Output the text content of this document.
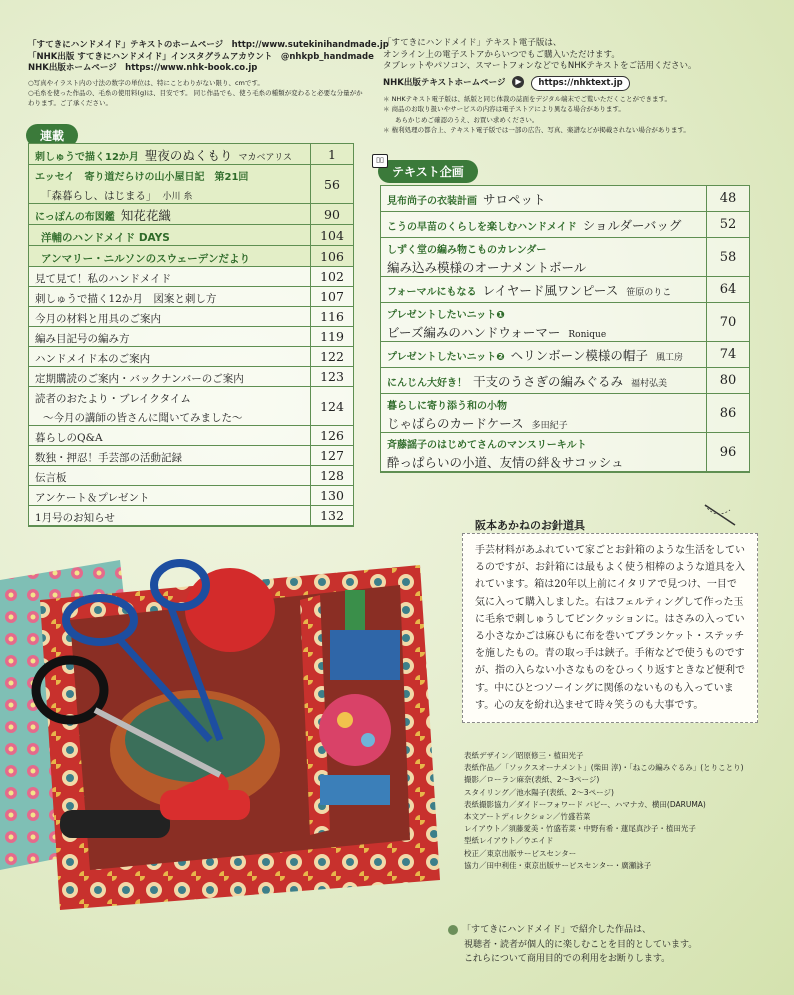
「すてきにハンドメイド」テキストのホームページ　http://www.sutekinihandmade.jp
「NHK出版 すてきにハンドメイド」インスタグラムアカウント　@nhkpb_handmade
NHK出版ホームページ　https://www.nhk-book.co.jp
○写真やイラスト内の寸法の数字の単位は、特にことわりがない限り、cmです。
○毛糸を使った作品の、毛糸の使用料(g)は、目安です。 同じ作品でも、使う毛糸の種類が変わると必要な分量がかわります。ご了承ください。
「すてきにハンドメイド」テキスト電子版は、
オンライン上の電子ストアからいつでもご購入いただけます。
タブレットやパソコン、スマートフォンなどでもNHKテキストをご活用ください。
NHK出版テキストホームページ ▶ https://nhktext.jp
＊ NHKテキスト電子版は、紙版と同じ体裁の誌面をデジタル端末でご覧いただくことができます。
＊ 商品のお取り扱いやサービスの内容は電子ストアにより異なる場合があります。
あらかじめご確認のうえ、お買い求めください。
＊ 権利処理の都合上、テキスト電子版では一部の広告、写真、楽譜などが掲載されない場合があります。
連載
刺しゅうで描く12か月 聖夜のぬくもり マカベアリス	1
エッセイ　寄り道だらけの山小屋日記　第21回
「森暮らし、はじまる」 小川 糸	56
にっぽんの布図鑑 知花花織	90
洋輔のハンドメイド DAYS	104
アンマリー・ニルソンのスウェーデンだより	106
見て見て！私のハンドメイド	102
刺しゅうで描く12か月　図案と刺し方	107
今月の材料と用具のご案内	116
編み目記号の編み方	119
ハンドメイド本のご案内	122
定期購読のご案内・バックナンバーのご案内	123
読者のおたより・ブレイクタイム
〜今月の講師の皆さんに聞いてみました〜	124
暮らしのQ&A	126
数独・押忍！手芸部の活動記録	127
伝言板	128
アンケート＆プレゼント	130
1月号のお知らせ	132
▯▯
テキスト企画
見布尚子の衣装計画 サロペット	48
こうの早苗のくらしを楽しむハンドメイド ショルダーバッグ	52
しずく堂の編み物こものカレンダー
編み込み模様のオーナメントボール	58
フォーマルにもなる レイヤード風ワンピース 笹原のりこ	64
プレゼントしたいニット❶
ビーズ編みのハンドウォーマー Ronique	70
プレゼントしたいニット❷ ヘリンボーン模様の帽子 風工房	74
にんじん大好き！ 干支のうさぎの編みぐるみ 福村弘美	80
暮らしに寄り添う和の小物
じゃばらのカードケース 多田紀子	86
斉藤謡子のはじめてさんのマンスリーキルト
酔っぱらいの小道、友情の絆＆サコッシュ	96
阪本あかねのお針道具
手芸材料があふれていて家ごとお針箱のような生活をしているのですが、お針箱には最もよく使う相棒のような道具を入れています。箱は20年以上前にイタリアで見つけ、一目で気に入って購入しました。右はフェルティングして作った玉に毛糸で刺しゅうしてピンクッションに。はさみの入っている小さなかごは麻ひもに布を巻いてブランケット・ステッチを施したもの。青の取っ手は鋏子。手術などで使うものですが、指の入らない小さなものをひっくり返すときなど便利です。中にひとつソーイングに関係のないものも入っています。心の友を紛れ込ませて時々笑うのも大事です。
表紙デザイン／昭原修三・植田光子
表紙作品／「ソックスオーナメント」(柴田 淳)・「ねこの編みぐるみ」(とりことり)
撮影／ローラン麻奈(表紙、2〜3ページ)
スタイリング／池水陽子(表紙、2〜3ページ)
表紙撮影協力／ダイドーフォワード バビー、ハマナカ、横田(DARUMA)
本文アートディレクション／竹盛若菜
レイアウト／須藤愛美・竹盛若菜・中野有希・蓮尾真沙子・植田光子
型紙レイアウト／ウエイド
校正／東京出版サービスセンター
協力／田中利佳・東京出版サービスセンター・廣瀬詠子
「すてきにハンドメイド」で紹介した作品は、
視聴者・読者が個人的に楽しむことを目的としています。
これらについて商用目的での利用をお断りします。
